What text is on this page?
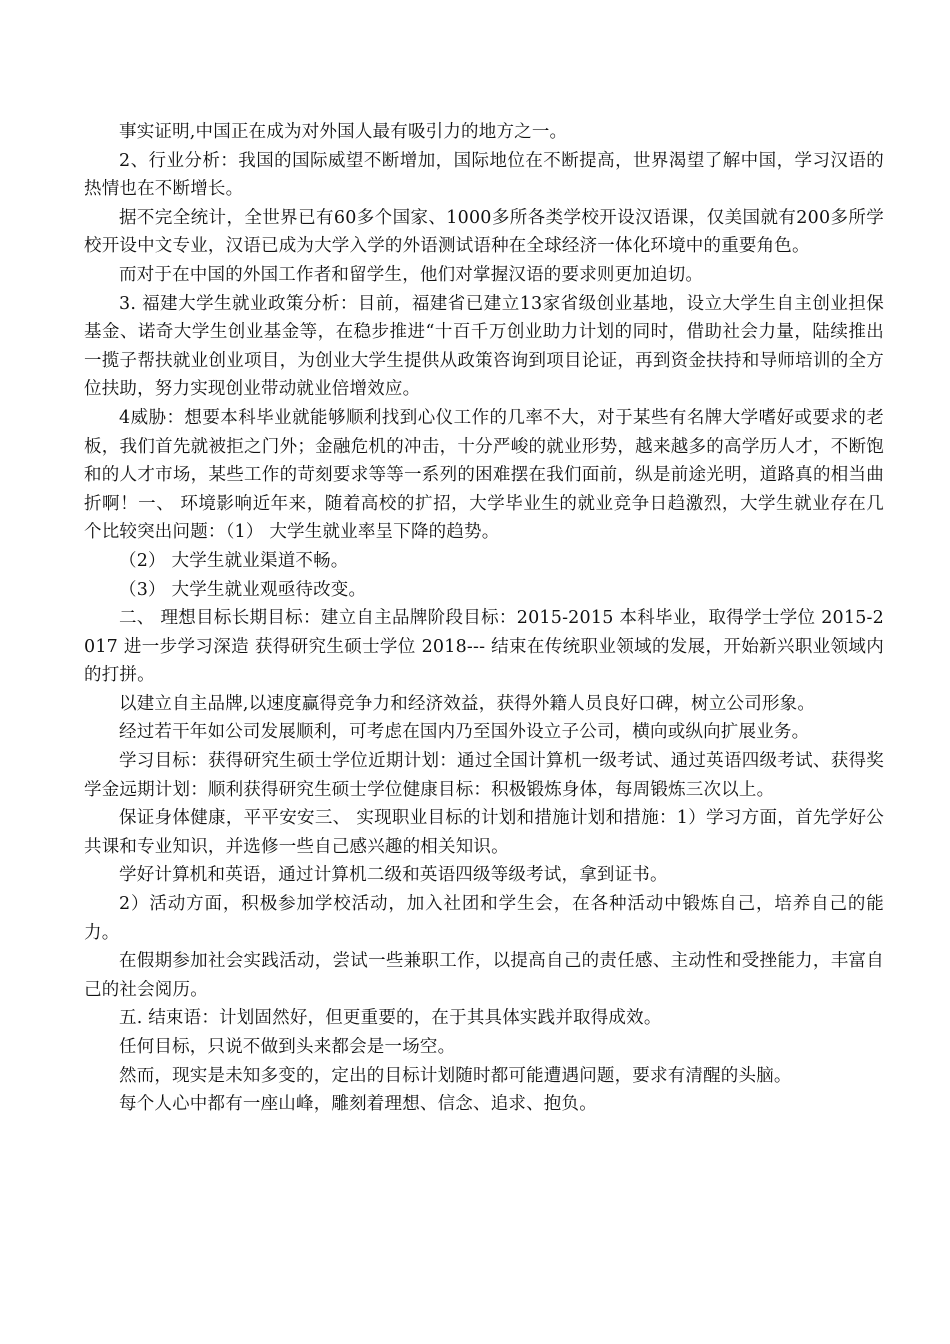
事实证明,中国正在成为对外国人最有吸引力的地方之一。

2、行业分析：我国的国际威望不断增加，国际地位在不断提高，世界渴望了解中国，学习汉语的热情也在不断增长。

据不完全统计，全世界已有60多个国家、1000多所各类学校开设汉语课，仅美国就有200多所学校开设中文专业，汉语已成为大学入学的外语测试语种在全球经济一体化环境中的重要角色。

而对于在中国的外国工作者和留学生，他们对掌握汉语的要求则更加迫切。

3. 福建大学生就业政策分析：目前，福建省已建立13家省级创业基地，设立大学生自主创业担保基金、诺奇大学生创业基金等，在稳步推进“十百千万创业助力计划的同时，借助社会力量，陆续推出一揽子帮扶就业创业项目，为创业大学生提供从政策咨询到项目论证，再到资金扶持和导师培训的全方位扶助，努力实现创业带动就业倍增效应。

4威胁：想要本科毕业就能够顺利找到心仪工作的几率不大，对于某些有名牌大学嗜好或要求的老板，我们首先就被拒之门外；金融危机的冲击，十分严峻的就业形势，越来越多的高学历人才，不断饱和的人才市场，某些工作的苛刻要求等等一系列的困难摆在我们面前，纵是前途光明，道路真的相当曲折啊！一、 环境影响近年来，随着高校的扩招，大学毕业生的就业竞争日趋激烈，大学生就业存在几个比较突出问题：（1） 大学生就业率呈下降的趋势。

（2） 大学生就业渠道不畅。

（3） 大学生就业观亟待改变。

二、 理想目标长期目标：建立自主品牌阶段目标：2015-2015 本科毕业，取得学士学位 2015-2017 进一步学习深造 获得研究生硕士学位 2018--- 结束在传统职业领域的发展，开始新兴职业领域内的打拼。

以建立自主品牌,以速度赢得竞争力和经济效益，获得外籍人员良好口碑，树立公司形象。

经过若干年如公司发展顺利，可考虑在国内乃至国外设立子公司，横向或纵向扩展业务。

学习目标：获得研究生硕士学位近期计划：通过全国计算机一级考试、通过英语四级考试、获得奖学金远期计划：顺利获得研究生硕士学位健康目标：积极锻炼身体，每周锻炼三次以上。

保证身体健康，平平安安三、 实现职业目标的计划和措施计划和措施：1）学习方面，首先学好公共课和专业知识，并选修一些自己感兴趣的相关知识。

学好计算机和英语，通过计算机二级和英语四级等级考试，拿到证书。

2）活动方面，积极参加学校活动，加入社团和学生会，在各种活动中锻炼自己，培养自己的能力。

在假期参加社会实践活动，尝试一些兼职工作，以提高自己的责任感、主动性和受挫能力，丰富自己的社会阅历。

五. 结束语：计划固然好，但更重要的，在于其具体实践并取得成效。

任何目标，只说不做到头来都会是一场空。

然而，现实是未知多变的，定出的目标计划随时都可能遭遇问题，要求有清醒的头脑。

每个人心中都有一座山峰，雕刻着理想、信念、追求、抱负。
